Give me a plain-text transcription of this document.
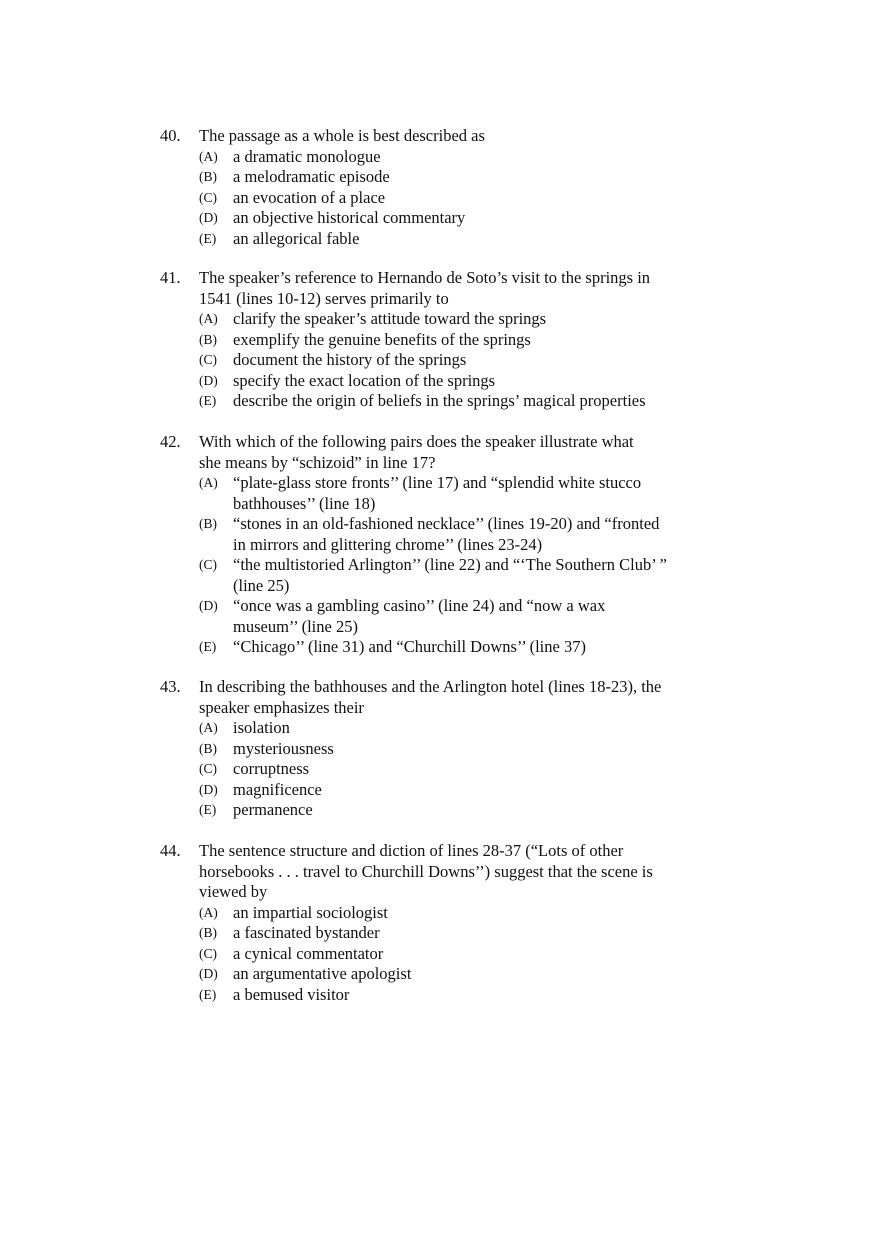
40.	The passage as a whole is best described as
(A) a dramatic monologue
(B) a melodramatic episode
(C) an evocation of a place
(D) an objective historical commentary
(E)	an allegorical fable
41.	The speaker’s reference to Hernando de Soto’s visit to the springs in
1541 (lines 10-12) serves primarily to
(A) clarify the speaker’s attitude toward the springs
(B) exemplify the genuine benefits of the springs
(C) document the history of the springs
(D) specify the exact location of the springs
(E)	describe the origin of beliefs in the springs’ magical properties
42.	With which of the following pairs does the speaker illustrate what
she means by “schizoid” in line 17?
(A) “plate-glass store fronts’’ (line 17) and “splendid white stucco
bathhouses’’ (line 18)
(B) “stones in an old-fashioned necklace’’ (lines 19-20) and “fronted
in mirrors and glittering chrome’’ (lines 23-24)
(C) “the multistoried Arlington’’ (line 22) and “‘The Southern Club’ ”
(line 25)
(D) “once was a gambling casino’’ (line 24) and “now a wax
museum’’ (line 25)
(E)	“Chicago’’ (line 31) and “Churchill Downs’’ (line 37)
43.	In describing the bathhouses and the Arlington hotel (lines 18-23), the
speaker emphasizes their
(A) isolation
(B) mysteriousness
(C) corruptness
(D) magnificence
(E)	permanence
44.	The sentence structure and diction of lines 28-37 (“Lots of other
horsebooks . . . travel to Churchill Downs’’) suggest that the scene is
viewed by
(A) an impartial sociologist
(B) a fascinated bystander
(C) a cynical commentator
(D) an argumentative apologist
(E)	a bemused visitor
